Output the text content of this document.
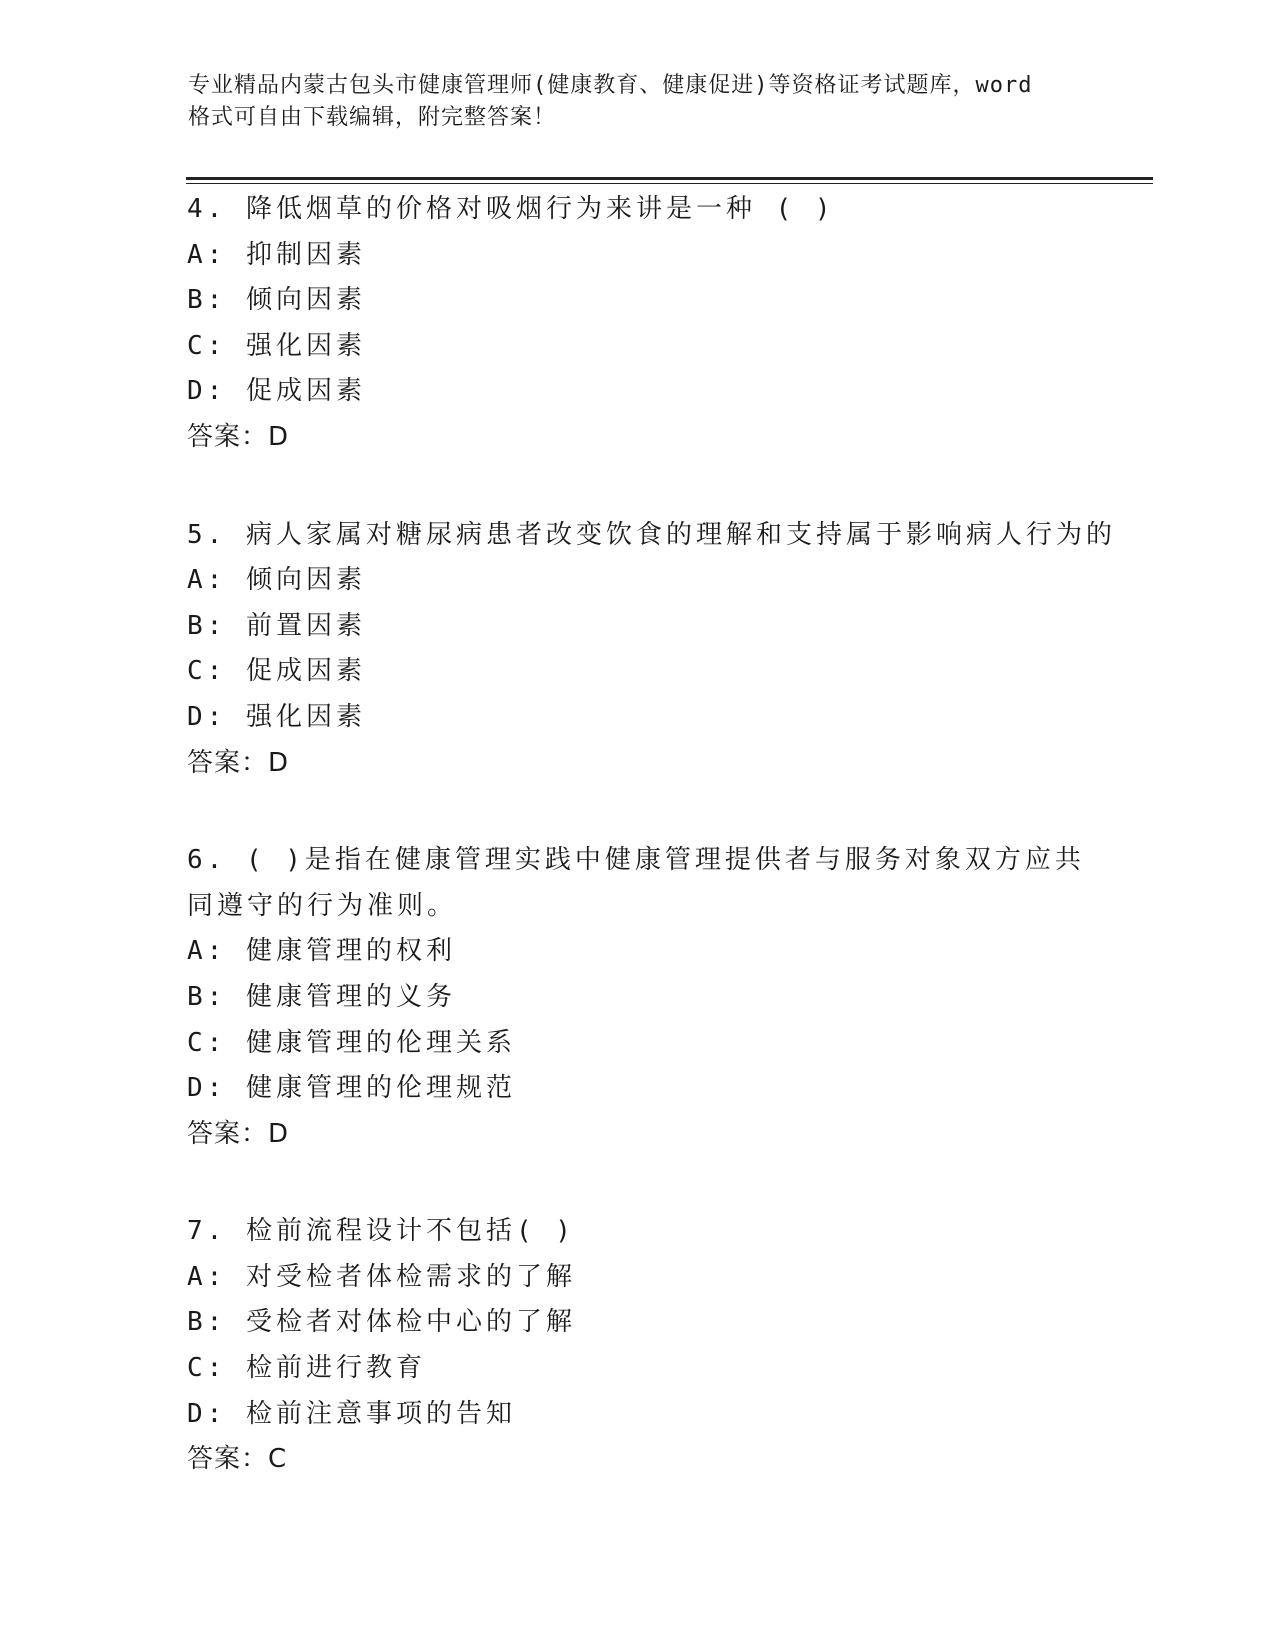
专业精品内蒙古包头市健康管理师(健康教育、健康促进)等资格证考试题库，word
格式可自由下载编辑，附完整答案！
4. 降低烟草的价格对吸烟行为来讲是一种 ( )
A: 抑制因素
B: 倾向因素
C: 强化因素
D: 促成因素
答案：D
5. 病人家属对糖尿病患者改变饮食的理解和支持属于影响病人行为的
A: 倾向因素
B: 前置因素
C: 促成因素
D: 强化因素
答案：D
6. ( )是指在健康管理实践中健康管理提供者与服务对象双方应共
同遵守的行为准则。
A: 健康管理的权利
B: 健康管理的义务
C: 健康管理的伦理关系
D: 健康管理的伦理规范
答案：D
7. 检前流程设计不包括( )
A: 对受检者体检需求的了解
B: 受检者对体检中心的了解
C: 检前进行教育
D: 检前注意事项的告知
答案：C
